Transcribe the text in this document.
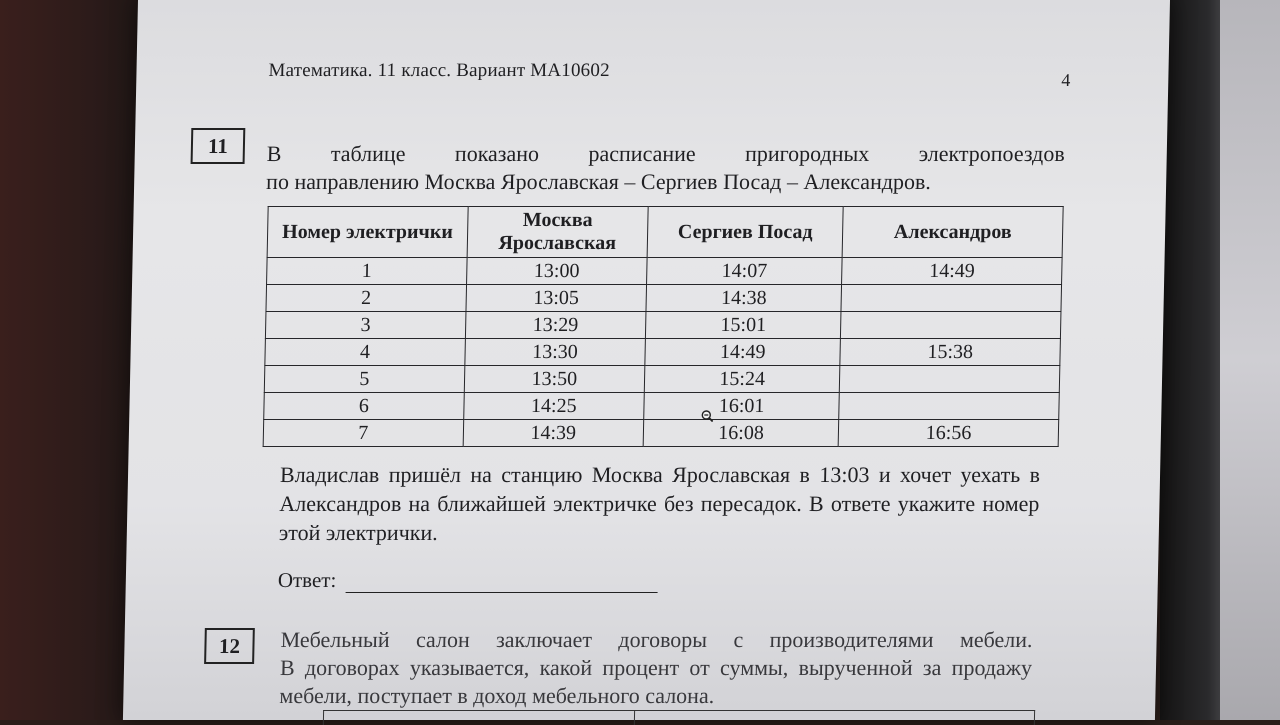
Математика. 11 класс. Вариант МА10602	4
11	В таблице показано расписание пригородных электропоездов
по направлению Москва Ярославская – Сергиев Посад – Александров.
Номер электрички	Москва Ярославская	Сергиев Посад	Александров
1	13:00	14:07	14:49
2	13:05	14:38	
3	13:29	15:01	
4	13:30	14:49	15:38
5	13:50	15:24	
6	14:25	16:01	
7	14:39	16:08	16:56
Владислав пришёл на станцию Москва Ярославская в 13:03 и хочет уехать в Александров на ближайшей электричке без пересадок. В ответе укажите номер этой электрички.
Ответ:
12	Мебельный салон заключает договоры с производителями мебели.
В договорах указывается, какой процент от суммы, вырученной за продажу мебели, поступает в доход мебельного салона.
